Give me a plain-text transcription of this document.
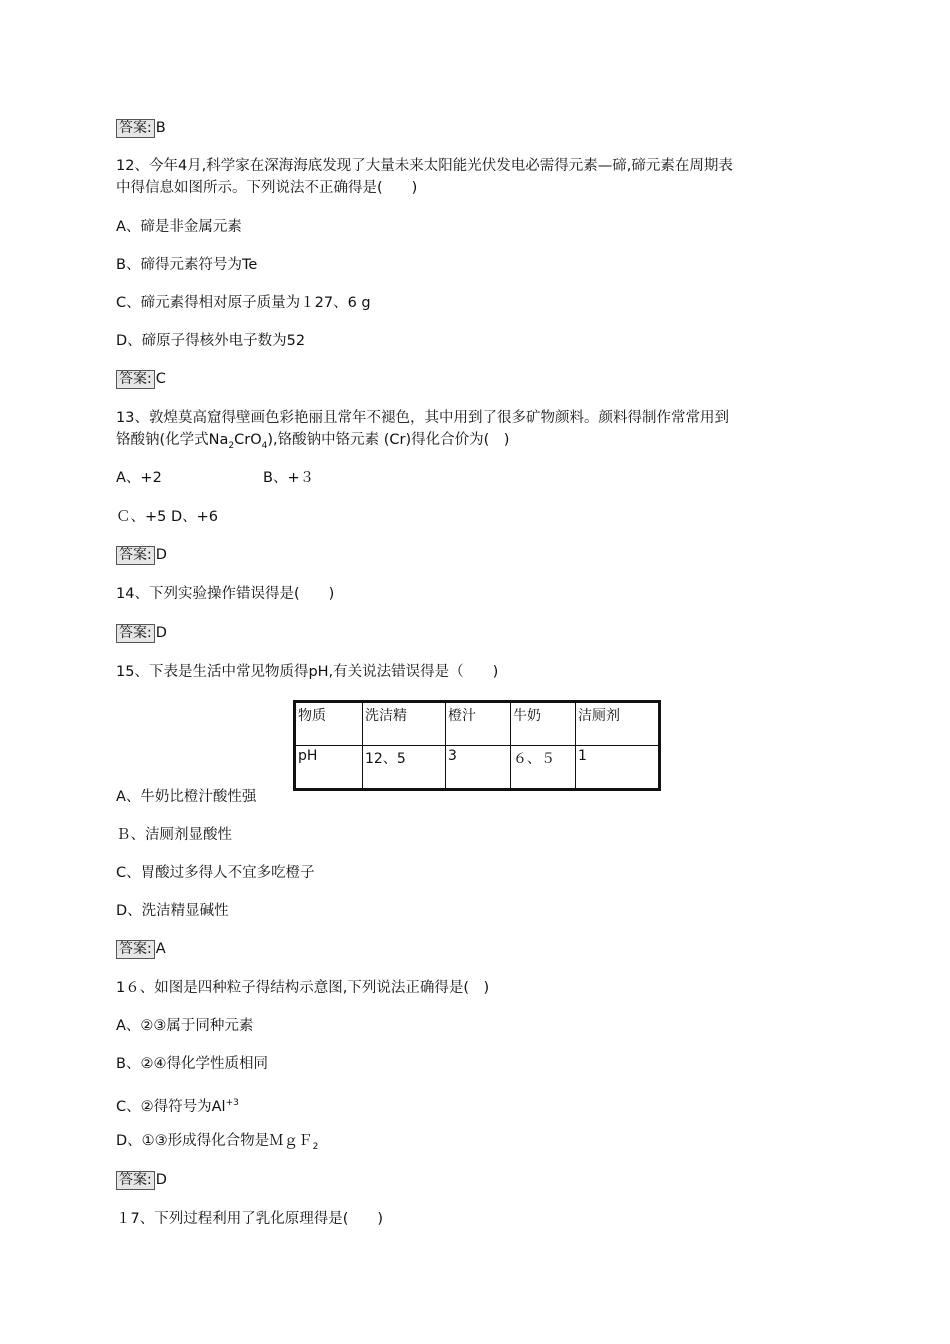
答案: B
12、今年4月,科学家在深海海底发现了大量未来太阳能光伏发电必需得元素—碲,碲元素在周期表
中得信息如图所示。下列说法不正确得是(　　)
A、碲是非金属元素
B、碲得元素符号为Te
C、碲元素得相对原子质量为１27、6 g
D、碲原子得核外电子数为52
答案: C
13、敦煌莫高窟得壁画色彩艳丽且常年不褪色，其中用到了很多矿物颜料。颜料得制作常常用到
铬酸钠(化学式$Na_2CrO_4$),铬酸钠中铬元素 (Cr)得化合价为(　)
A、+2	B、+３
Ｃ、+5 D、+6
答案: D
14、下列实验操作错误得是(　　)
答案: D
15、下表是生活中常见物质得pH,有关说法错误得是（　　)
物质	洗洁精	橙汁	牛奶	洁厕剂
pH	12、5	3	６、５	1
A、牛奶比橙汁酸性强
Ｂ、洁厕剂显酸性
C、胃酸过多得人不宜多吃橙子
D、洗洁精显碱性
答案: A
1６、如图是四种粒子得结构示意图,下列说法正确得是(　)
A、②③属于同种元素
B、②④得化学性质相同
C、②得符号为$Al^{+3}$
D、①③形成得化合物是ＭｇＦ$_2$
答案: D
１7、下列过程利用了乳化原理得是(　　)
